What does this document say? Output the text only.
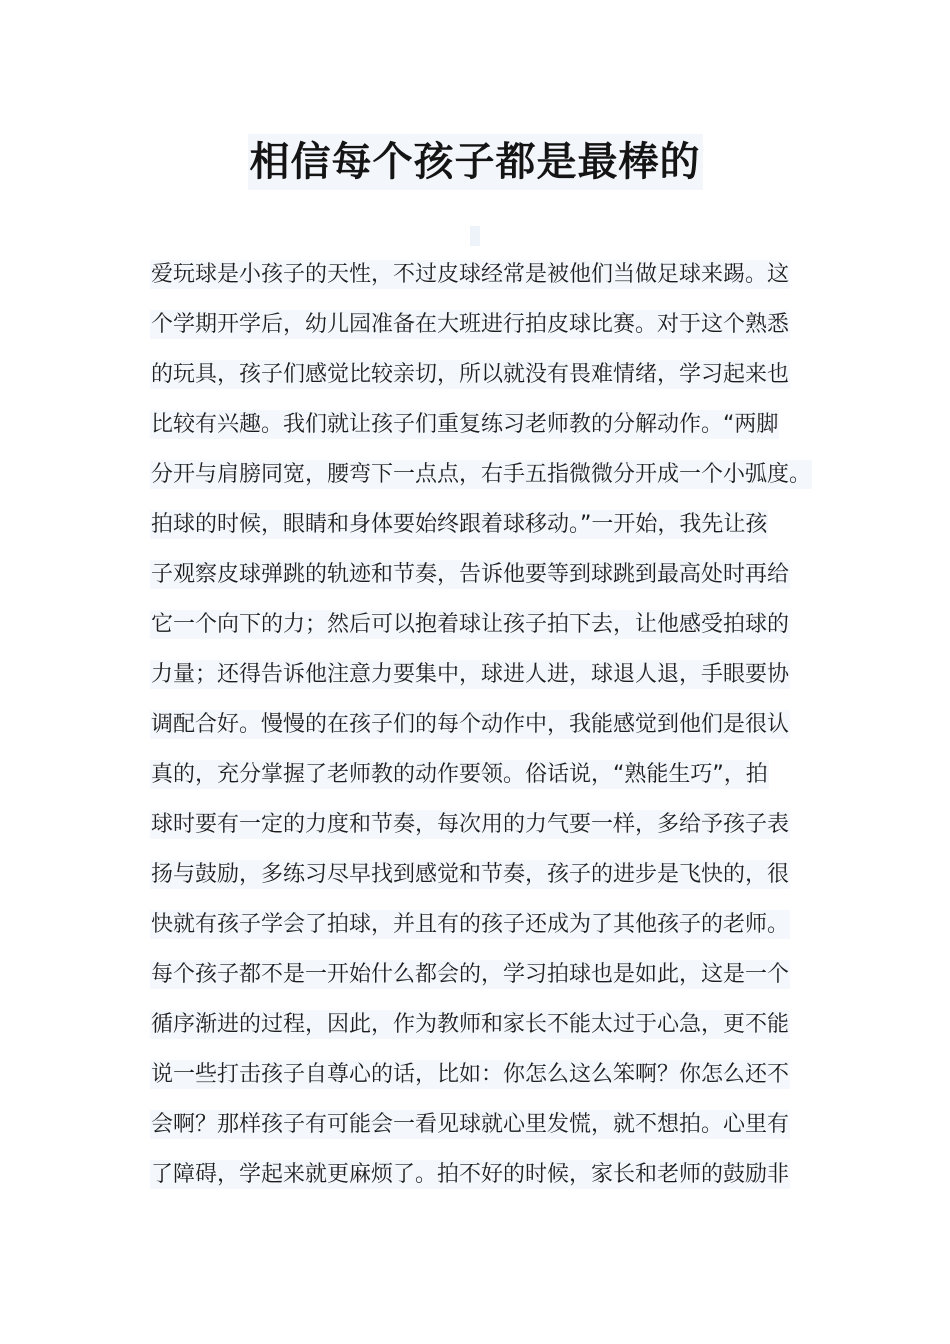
相信每个孩子都是最棒的
爱玩球是小孩子的天性，不过皮球经常是被他们当做足球来踢。这
个学期开学后，幼儿园准备在大班进行拍皮球比赛。对于这个熟悉
的玩具，孩子们感觉比较亲切，所以就没有畏难情绪，学习起来也
比较有兴趣。我们就让孩子们重复练习老师教的分解动作。“两脚
分开与肩膀同宽，腰弯下一点点，右手五指微微分开成一个小弧度。
拍球的时候，眼睛和身体要始终跟着球移动。”一开始，我先让孩
子观察皮球弹跳的轨迹和节奏，告诉他要等到球跳到最高处时再给
它一个向下的力；然后可以抱着球让孩子拍下去，让他感受拍球的
力量；还得告诉他注意力要集中，球进人进，球退人退，手眼要协
调配合好。慢慢的在孩子们的每个动作中，我能感觉到他们是很认
真的，充分掌握了老师教的动作要领。俗话说，“熟能生巧”，拍
球时要有一定的力度和节奏，每次用的力气要一样，多给予孩子表
扬与鼓励，多练习尽早找到感觉和节奏，孩子的进步是飞快的，很
快就有孩子学会了拍球，并且有的孩子还成为了其他孩子的老师。
每个孩子都不是一开始什么都会的，学习拍球也是如此，这是一个
循序渐进的过程，因此，作为教师和家长不能太过于心急，更不能
说一些打击孩子自尊心的话，比如：你怎么这么笨啊？你怎么还不
会啊？那样孩子有可能会一看见球就心里发慌，就不想拍。心里有
了障碍，学起来就更麻烦了。拍不好的时候，家长和老师的鼓励非
